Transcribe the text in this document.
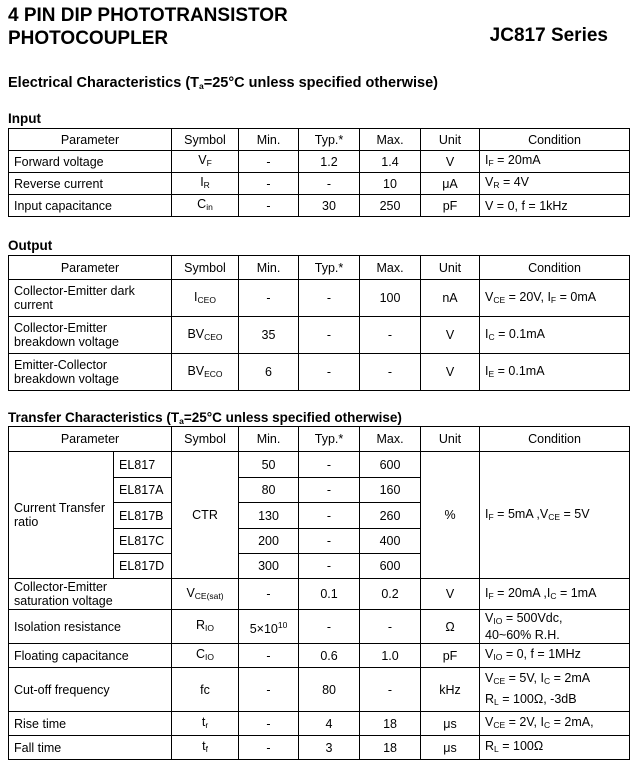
4 PIN DIP PHOTOTRANSISTOR
PHOTOCOUPLER	JC817 Series
Electrical Characteristics ($T_a=25^\circ C$ unless specified otherwise)
Input
Parameter	Symbol	Min.	Typ.*	Max.	Unit	Condition
Forward voltage	$V_F$	-	1.2	1.4	V	$I_F = 20mA$
Reverse current	$I_R$	-	-	10	μA	$V_R = 4V$
Input capacitance	$C_{in}$	-	30	250	pF	V = 0, f = 1kHz
Output
Parameter	Symbol	Min.	Typ.*	Max.	Unit	Condition

Collector-Emitter dark
current	$I_{CEO}$	-	-	100	nA	$V_{CE} = 20V$, $I_F = 0mA$

Collector-Emitter
breakdown voltage	$BV_{CEO}$	35	-	-	V	$I_C = 0.1mA$

Emitter-Collector
breakdown voltage	$BV_{ECO}$	6	-	-	V	$I_E = 0.1mA$
Transfer Characteristics ($T_a=25^\circ C$ unless specified otherwise)
Parameter		Symbol	Min.	Typ.*	Max.	Unit	Condition

Current Transfer
ratio	EL817	CTR	50	-	600	%	$I_F = 5mA$ $,V_{CE} = 5V$
	EL817A		80	-	160		
	EL817B		130	-	260		
	EL817C		200	-	400		
	EL817D		300	-	600		

Collector-Emitter
saturation voltage		$V_{CE(sat)}$	-	0.1	0.2	V	$I_F = 20mA$ $,I_C = 1mA$
Isolation resistance		$R_{IO}$	$5\times 10^{10}$	-	-	Ω	$V_{IO} = 500Vdc$,
40~60% R.H.

Floating capacitance		$C_{IO}$	-	0.6	1.0	pF	$V_{IO} = 0$, f = 1MHz
Cut-off frequency		fc	-	80	-	kHz	$V_{CE} = 5V$, $I_C = 2mA$
$R_L = 100\Omega$, -3dB

Rise time		$t_r$	-	4	18	μs	$V_{CE} = 2V$, $I_C = 2mA$,
Fall time		$t_f$	-	3	18	μs	$R_L = 100\Omega$
